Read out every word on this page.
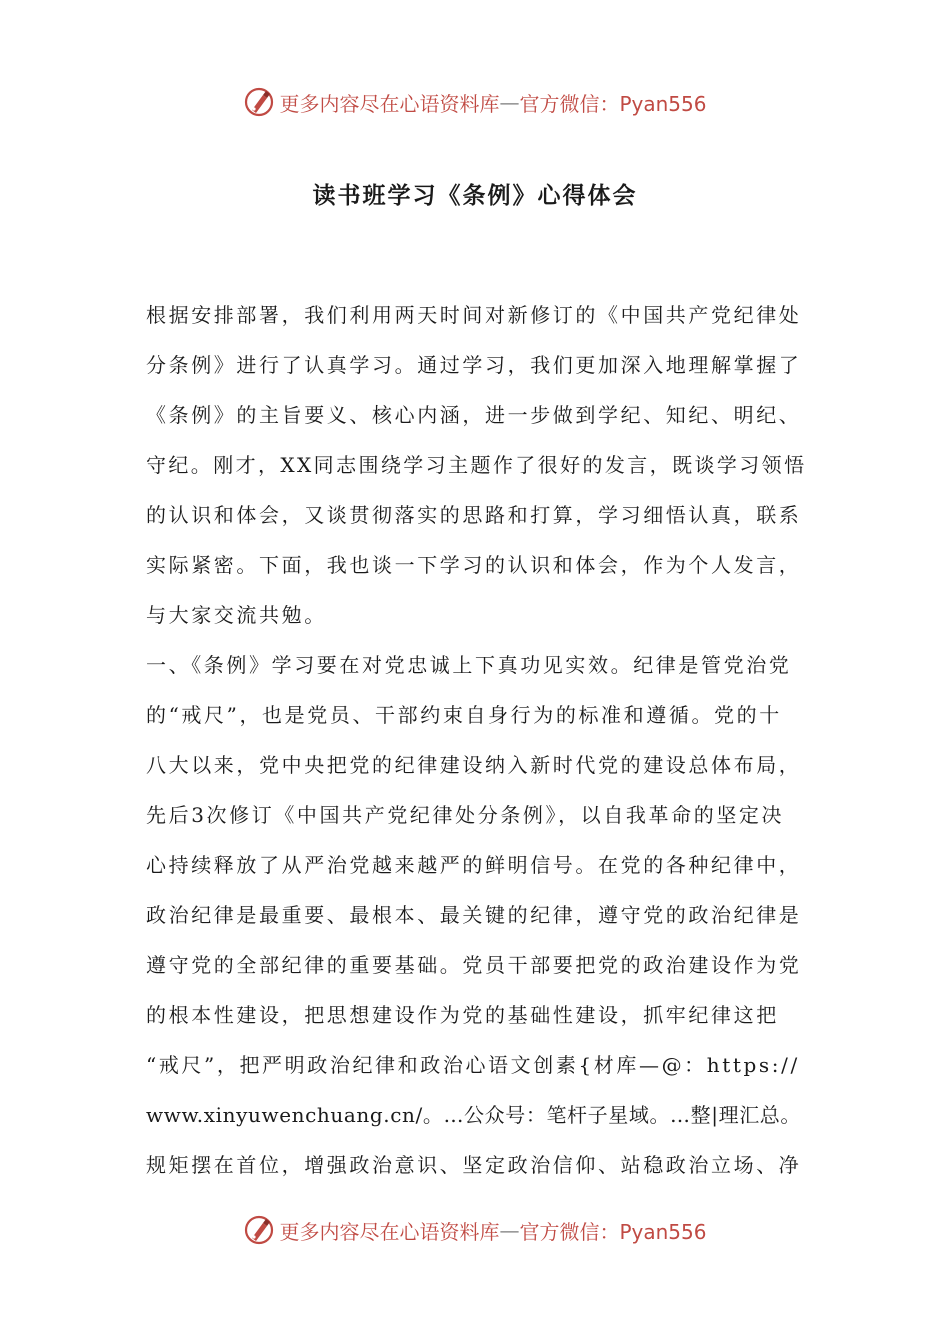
更多内容尽在心语资料库 — 官方微信：Pyan556
读书班学习《条例》心得体会
根据安排部署，我们利用两天时间对新修订的《中国共产党纪律处
分条例》进行了认真学习。通过学习，我们更加深入地理解掌握了
《条例》的主旨要义、核心内涵，进一步做到学纪、知纪、明纪、
守纪。刚才，XX同志围绕学习主题作了很好的发言，既谈学习领悟
的认识和体会，又谈贯彻落实的思路和打算，学习细悟认真，联系
实际紧密。下面，我也谈一下学习的认识和体会，作为个人发言，
与大家交流共勉。
一、《条例》学习要在对党忠诚上下真功见实效。纪律是管党治党
的“戒尺”，也是党员、干部约束自身行为的标准和遵循。党的十
八大以来，党中央把党的纪律建设纳入新时代党的建设总体布局，
先后3次修订《中国共产党纪律处分条例》，以自我革命的坚定决
心持续释放了从严治党越来越严的鲜明信号。在党的各种纪律中，
政治纪律是最重要、最根本、最关键的纪律，遵守党的政治纪律是
遵守党的全部纪律的重要基础。党员干部要把党的政治建设作为党
的根本性建设，把思想建设作为党的基础性建设，抓牢纪律这把
“戒尺”，把严明政治纪律和政治心语文创素{材库—@：https://
www.xinyuwenchuang.cn/。…公众号：笔杆子星域。…整|理汇总。
规矩摆在首位，增强政治意识、坚定政治信仰、站稳政治立场、净
更多内容尽在心语资料库 — 官方微信：Pyan556
